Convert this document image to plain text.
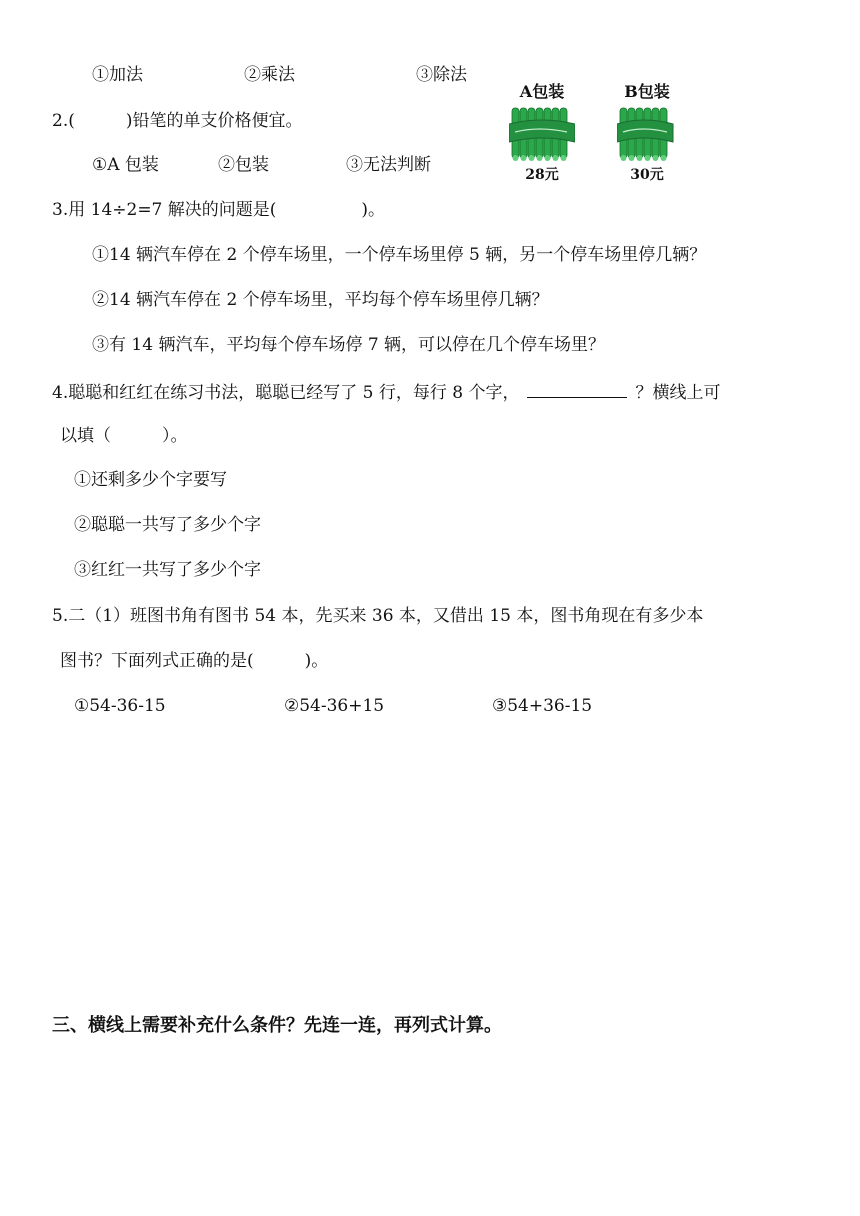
①加法	②乘法	③除法
2.(　　　)铅笔的单支价格便宜。
①A 包装	②包装	③无法判断
A包装
28元
B包装
30元
3.用 14÷2=7 解决的问题是(　　　　　)。
①14 辆汽车停在 2 个停车场里，一个停车场里停 5 辆，另一个停车场里停几辆？
②14 辆汽车停在 2 个停车场里，平均每个停车场里停几辆？
③有 14 辆汽车，平均每个停车场停 7 辆，可以停在几个停车场里？
4.聪聪和红红在练习书法，聪聪已经写了 5 行，每行 8 个字，	？横线上可
以填（　　　）。
①还剩多少个字要写
②聪聪一共写了多少个字
③红红一共写了多少个字
5.二（1）班图书角有图书 54 本，先买来 36 本，又借出 15 本，图书角现在有多少本
图书？下面列式正确的是(　　　)。
①54-36-15	②54-36+15	③54+36-15
三、横线上需要补充什么条件？先连一连，再列式计算。
